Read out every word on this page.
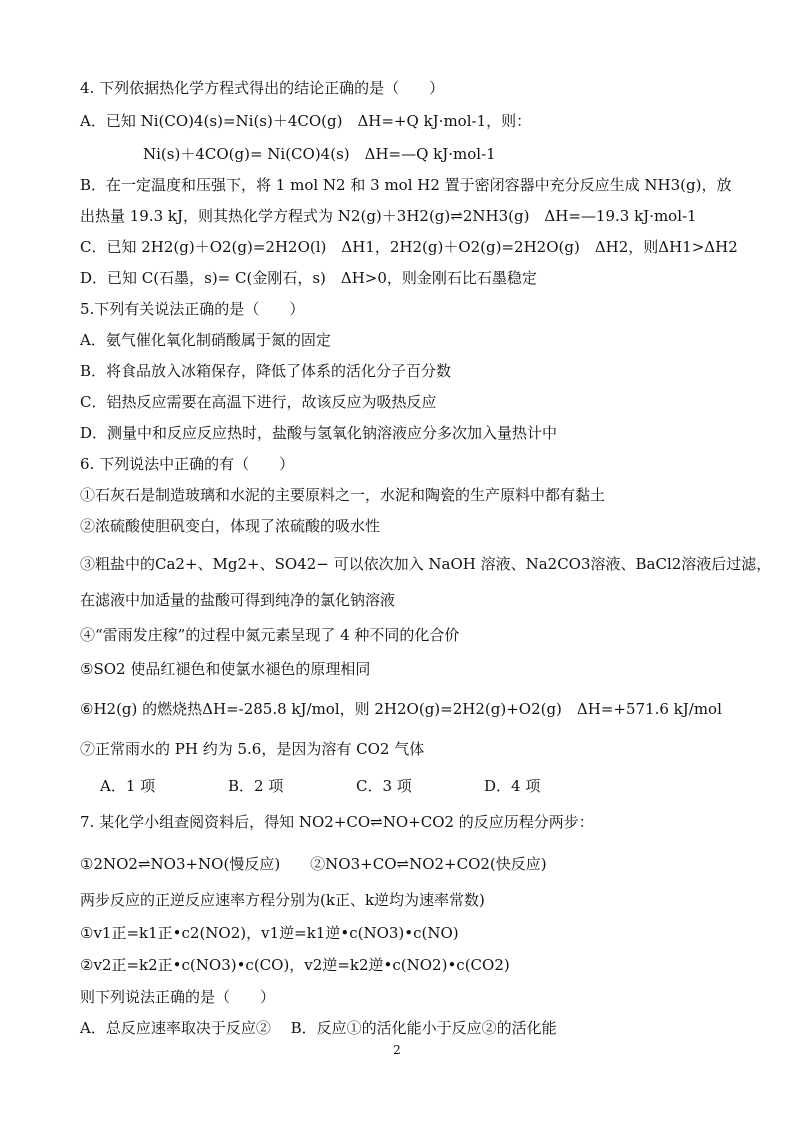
4. 下列依据热化学方程式得出的结论正确的是（　　）
A．已知 Ni(CO)4(s)=Ni(s)＋4CO(g)　ΔH=+Q kJ·mol-1，则：
Ni(s)＋4CO(g)= Ni(CO)4(s)　ΔH=—Q kJ·mol-1
B．在一定温度和压强下，将 1 mol N2 和 3 mol H2 置于密闭容器中充分反应生成 NH3(g)，放
出热量 19.3 kJ，则其热化学方程式为 N2(g)＋3H2(g)⇌2NH3(g)　ΔH=—19.3 kJ·mol-1
C．已知 2H2(g)＋O2(g)=2H2O(l)　ΔH1，2H2(g)＋O2(g)=2H2O(g)　ΔH2，则ΔH1>ΔH2
D．已知 C(石墨，s)= C(金刚石，s)　ΔH>0，则金刚石比石墨稳定
5.下列有关说法正确的是（　　）
A．氨气催化氧化制硝酸属于氮的固定
B．将食品放入冰箱保存，降低了体系的活化分子百分数
C．铝热反应需要在高温下进行，故该反应为吸热反应
D．测量中和反应反应热时，盐酸与氢氧化钠溶液应分多次加入量热计中
6. 下列说法中正确的有（　　）
①石灰石是制造玻璃和水泥的主要原料之一，水泥和陶瓷的生产原料中都有黏土
②浓硫酸使胆矾变白，体现了浓硫酸的吸水性
③粗盐中的Ca2+、Mg2+、SO42− 可以依次加入 NaOH 溶液、Na2CO3溶液、BaCl2溶液后过滤，
在滤液中加适量的盐酸可得到纯净的氯化钠溶液
④“雷雨发庄稼”的过程中氮元素呈现了 4 种不同的化合价
⑤SO2 使品红褪色和使氯水褪色的原理相同
⑥H2(g) 的燃烧热ΔH=-285.8 kJ/mol，则 2H2O(g)=2H2(g)+O2(g)　ΔH=+571.6 kJ/mol
⑦正常雨水的 PH 约为 5.6，是因为溶有 CO2 气体
A．1 项	B．2 项	C．3 项	D．4 项
7. 某化学小组查阅资料后，得知 NO2+CO⇌NO+CO2 的反应历程分两步：
①2NO2⇌NO3+NO(慢反应)　　②NO3+CO⇌NO2+CO2(快反应)
两步反应的正逆反应速率方程分别为(k正、k逆均为速率常数)
①v1正=k1正•c2(NO2)，v1逆=k1逆•c(NO3)•c(NO)
②v2正=k2正•c(NO3)•c(CO)，v2逆=k2逆•c(NO2)•c(CO2)
则下列说法正确的是（　　）
A．总反应速率取决于反应②　 B．反应①的活化能小于反应②的活化能
2
